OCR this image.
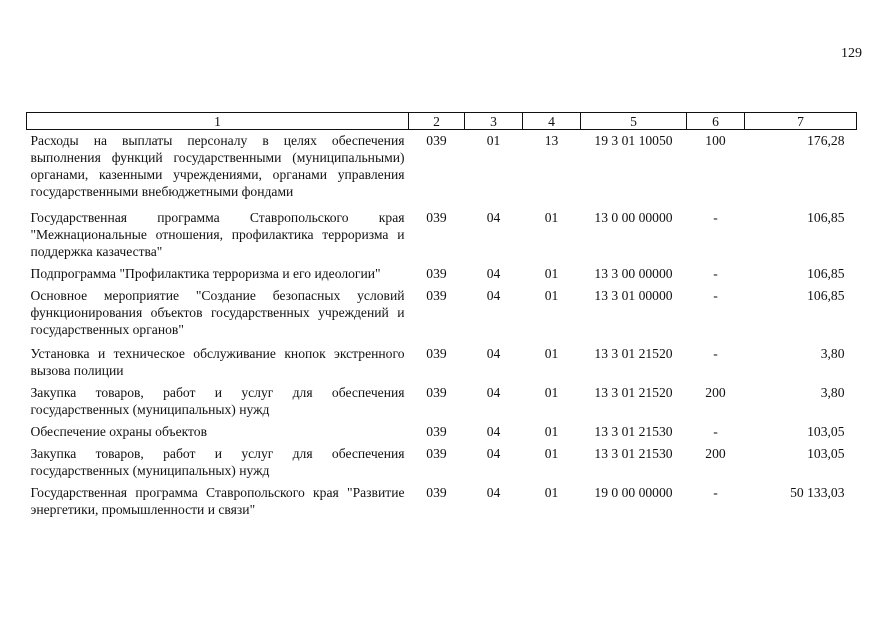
129
1	2	3	4	5	6	7
Расходы на выплаты персоналу в целях обеспечения выполнения функций государственными (муниципальными) органами, казенными учреждениями, органами управления государственными внебюджетными фондами	039	01	13	19 3 01 10050	100	176,28
Государственная программа Ставропольского края "Межнациональные отношения, профилактика терроризма и поддержка казачества"	039	04	01	13 0 00 00000	-	106,85
Подпрограмма "Профилактика терроризма и его идеологии"	039	04	01	13 3 00 00000	-	106,85
Основное мероприятие "Создание безопасных условий функционирования объектов государственных учреждений и государственных органов"	039	04	01	13 3 01 00000	-	106,85
Установка и техническое обслуживание кнопок экстренного вызова полиции	039	04	01	13 3 01 21520	-	3,80
Закупка товаров, работ и услуг для обеспечения государственных (муниципальных) нужд	039	04	01	13 3 01 21520	200	3,80
Обеспечение охраны объектов	039	04	01	13 3 01 21530	-	103,05
Закупка товаров, работ и услуг для обеспечения государственных (муниципальных) нужд	039	04	01	13 3 01 21530	200	103,05
Государственная программа Ставропольского края "Развитие энергетики, промышленности и связи"	039	04	01	19 0 00 00000	-	50 133,03
